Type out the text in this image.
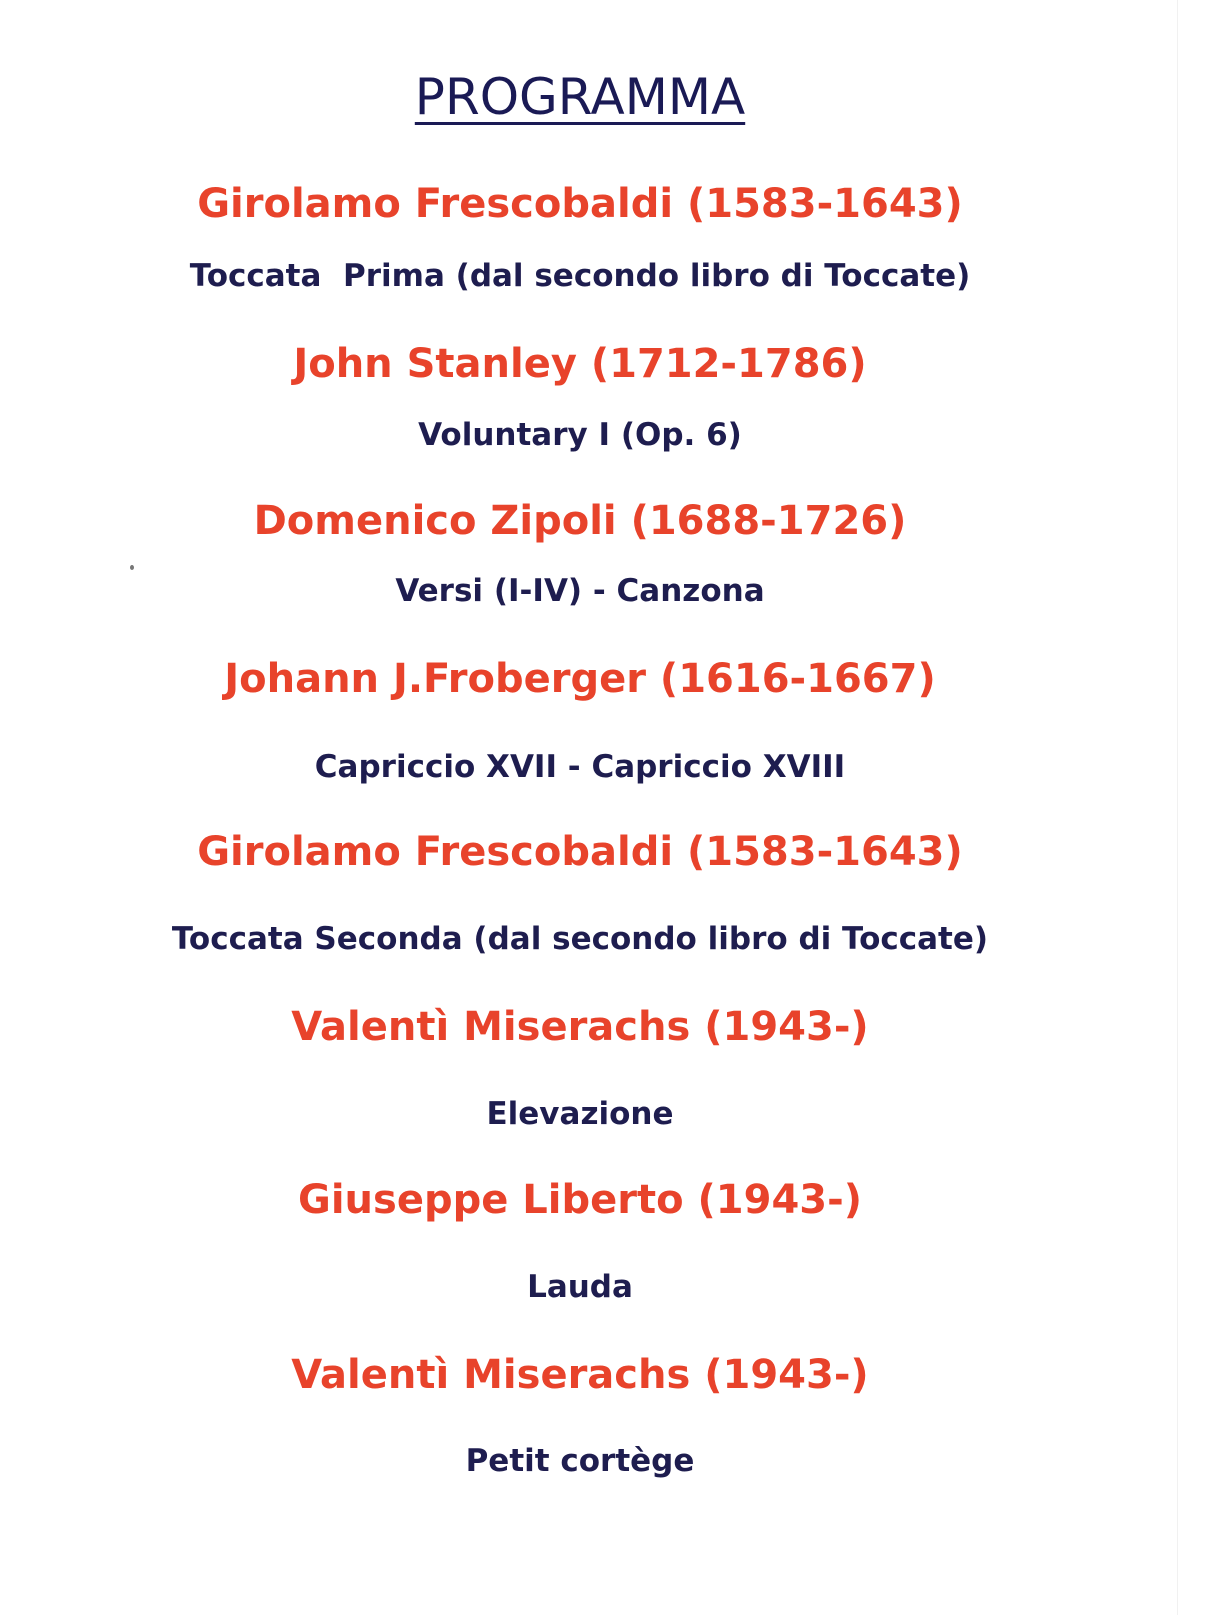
PROGRAMMA
Girolamo Frescobaldi (1583-1643)
Toccata  Prima (dal secondo libro di Toccate)
John Stanley (1712-1786)
Voluntary I (Op. 6)
Domenico Zipoli (1688-1726)
Versi (I-IV) - Canzona
Johann J.Froberger (1616-1667)
Capriccio XVII - Capriccio XVIII
Girolamo Frescobaldi (1583-1643)
Toccata Seconda (dal secondo libro di Toccate)
Valentì Miserachs (1943-)
Elevazione
Giuseppe Liberto (1943-)
Lauda
Valentì Miserachs (1943-)
Petit cortège
